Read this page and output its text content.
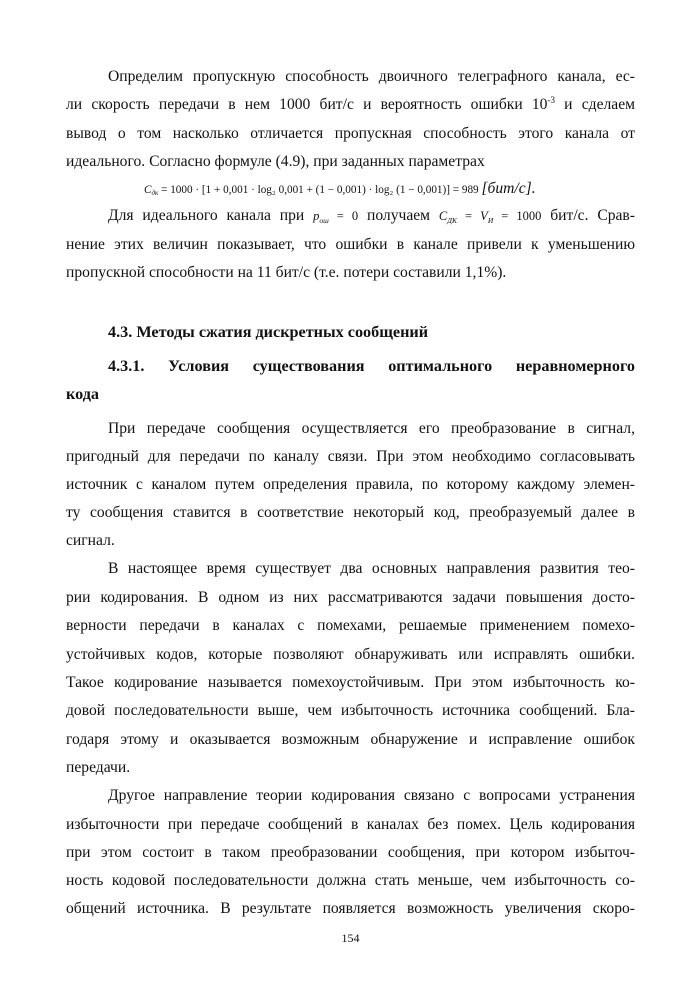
Определим пропускную способность двоичного телеграфного канала, ес-
ли скорость передачи в нем 1000 бит/с и вероятность ошибки $10^{-3}$ и сделаем
вывод о том насколько отличается пропускная способность этого канала от
идеального. Согласно формуле (4.9), при заданных параметрах
$C_{дк} = 1000 \cdot [1 + 0,001 \cdot \log_2$ 0,001 + (1 − 0,001) · log₂ (1 − 0,001)] = 989 [бит/с].
Для идеального канала при pош = 0 получаем CДК = VИ = 1000 бит/с. Срав-
нение этих величин показывает, что ошибки в канале привели к уменьшению
пропускной способности на 11 бит/с (т.е. потери составили 1,1%).
4.3. Методы сжатия дискретных сообщений
4.3.1. Условия существования оптимального неравномерного
кода
При передаче сообщения осуществляется его преобразование в сигнал,
пригодный для передачи по каналу связи. При этом необходимо согласовывать
источник с каналом путем определения правила, по которому каждому элемен-
ту сообщения ставится в соответствие некоторый код, преобразуемый далее в
сигнал.
В настоящее время существует два основных направления развития тео-
рии кодирования. В одном из них рассматриваются задачи повышения досто-
верности передачи в каналах с помехами, решаемые применением помехо-
устойчивых кодов, которые позволяют обнаруживать или исправлять ошибки.
Такое кодирование называется помехоустойчивым. При этом избыточность ко-
довой последовательности выше, чем избыточность источника сообщений. Бла-
годаря этому и оказывается возможным обнаружение и исправление ошибок
передачи.
Другое направление теории кодирования связано с вопросами устранения
избыточности при передаче сообщений в каналах без помех. Цель кодирования
при этом состоит в таком преобразовании сообщения, при котором избыточ-
ность кодовой последовательности должна стать меньше, чем избыточность со-
общений источника. В результате появляется возможность увеличения скоро-
154
